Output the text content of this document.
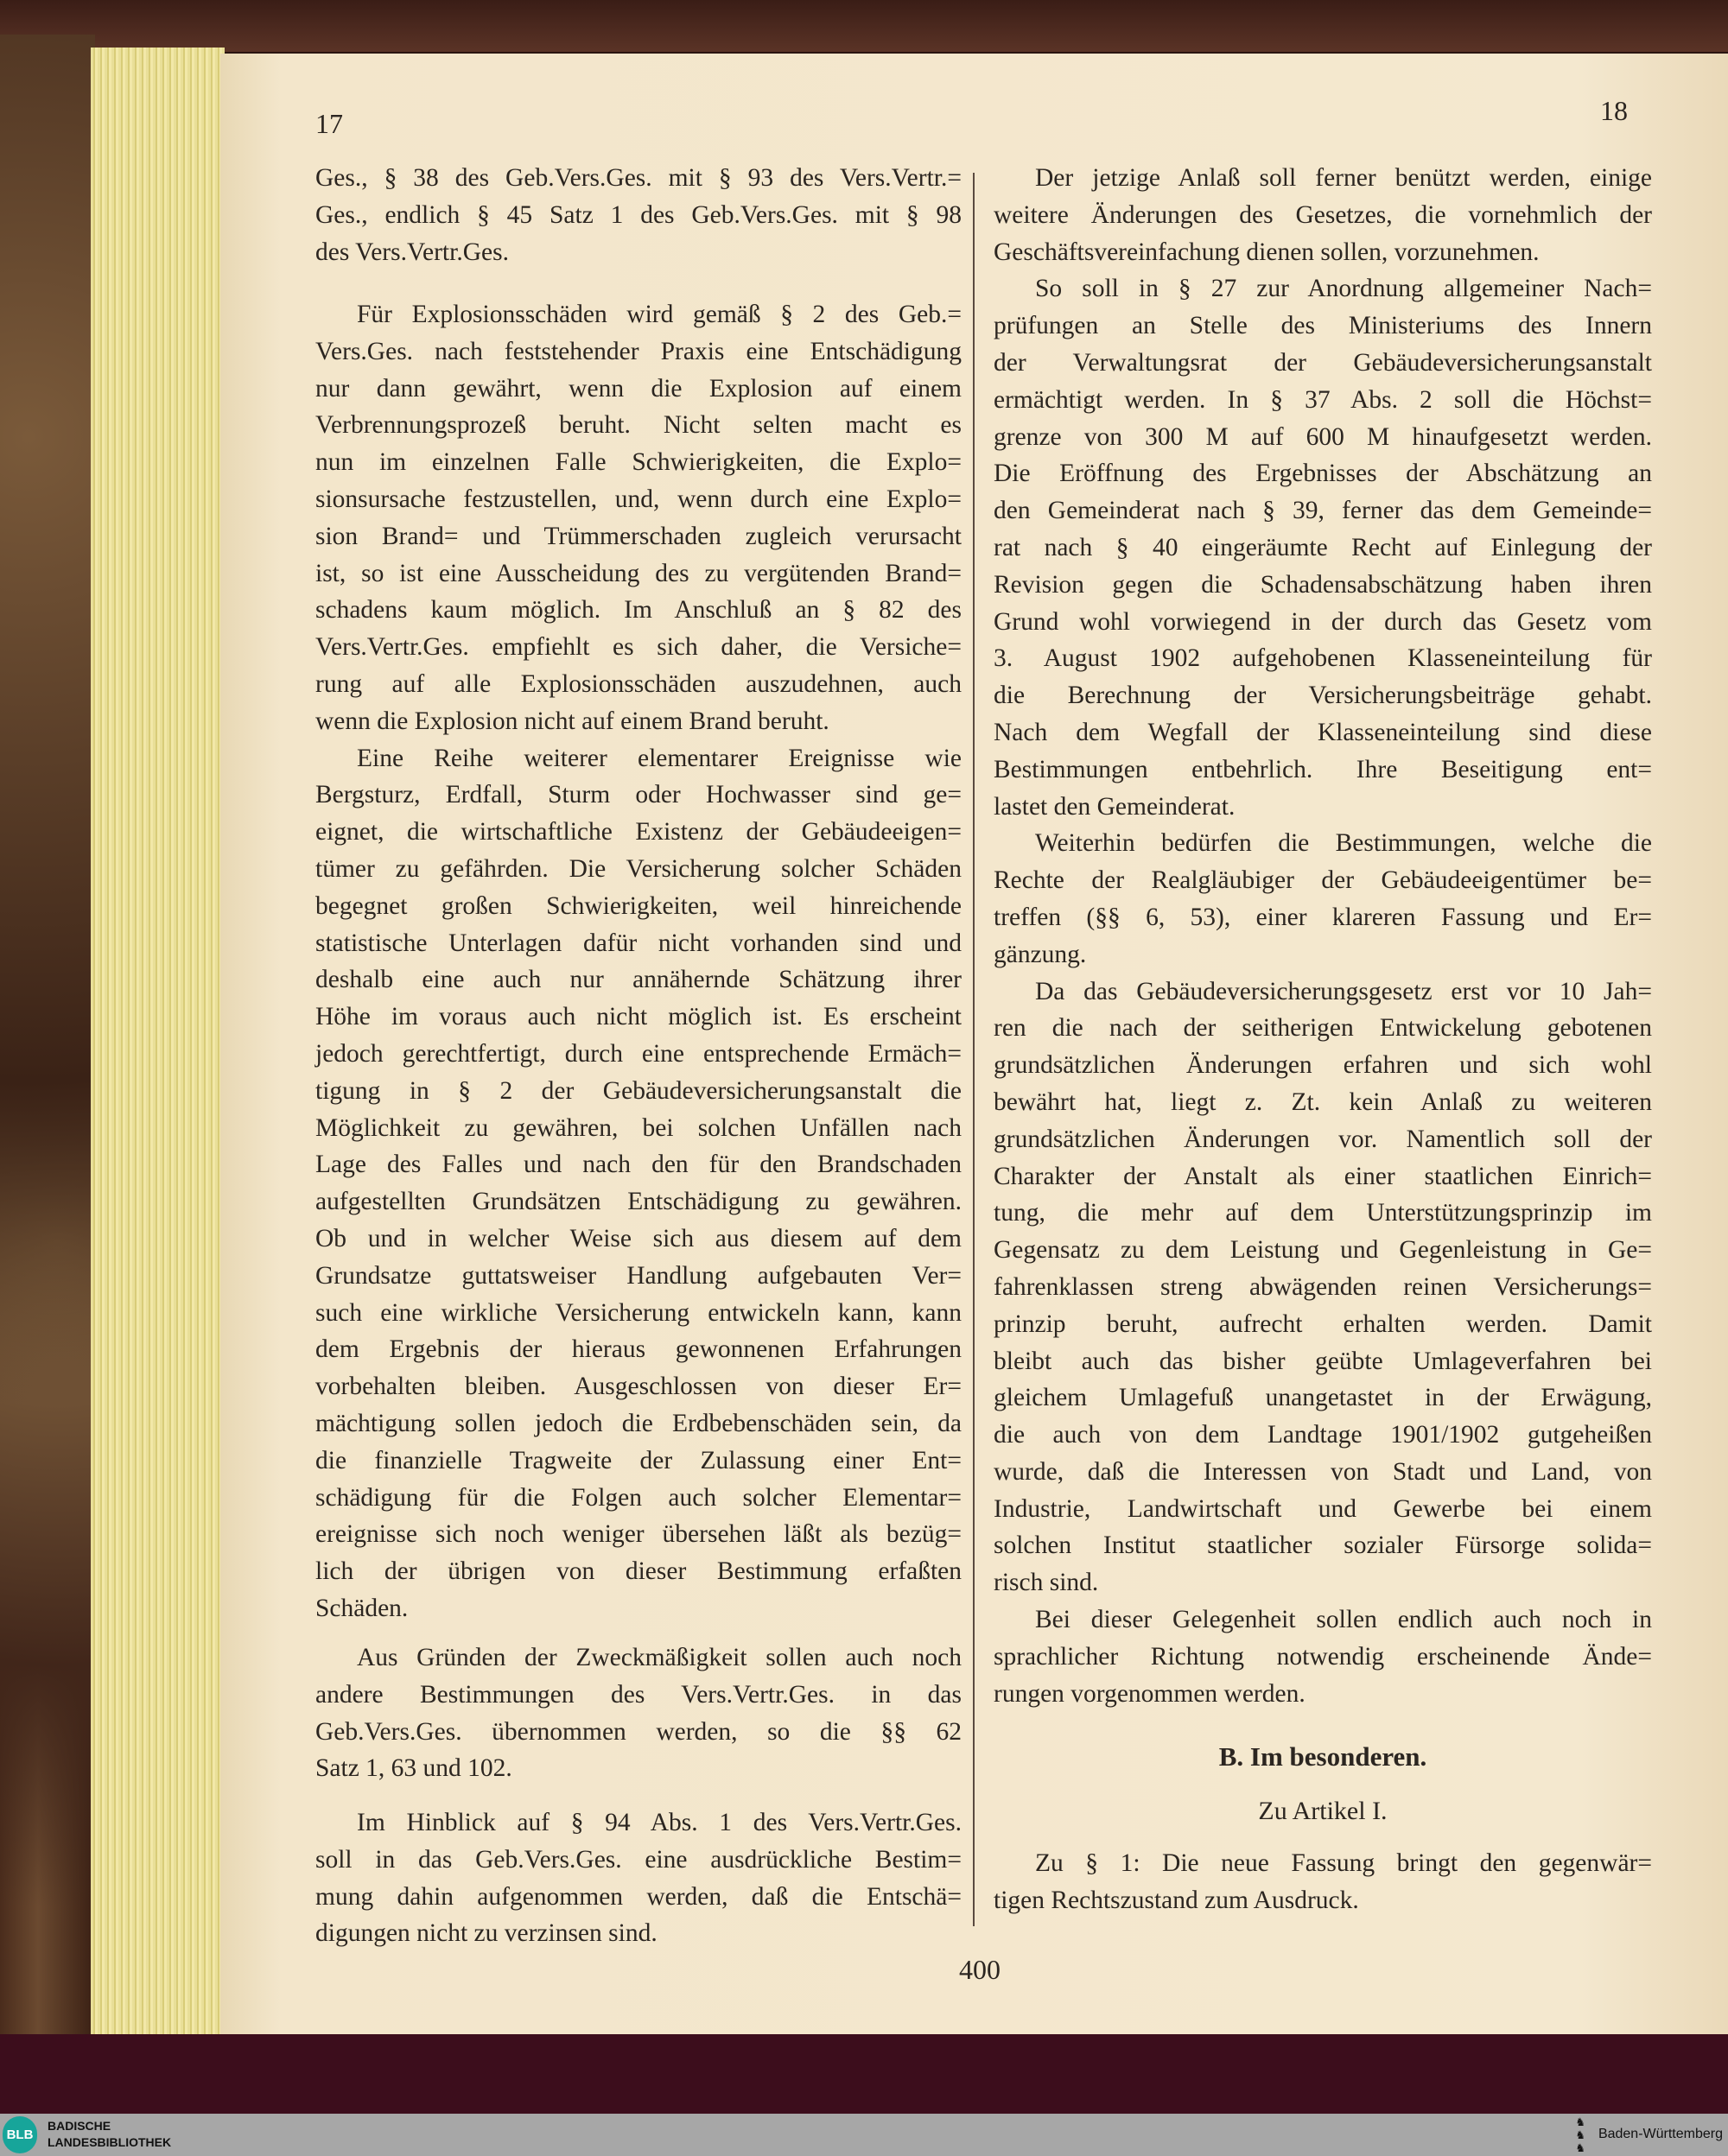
17	18
400
Ges., § 38 des Geb.Vers.Ges. mit § 93 des Vers.Vertr.=
Ges., endlich § 45 Satz 1 des Geb.Vers.Ges. mit § 98
des Vers.Vertr.Ges.
Für Explosionsschäden wird gemäß § 2 des Geb.=
Vers.Ges. nach feststehender Praxis eine Entschädigung
nur dann gewährt, wenn die Explosion auf einem
Verbrennungsprozeß beruht. Nicht selten macht es
nun im einzelnen Falle Schwierigkeiten, die Explo=
sionsursache festzustellen, und, wenn durch eine Explo=
sion Brand= und Trümmerschaden zugleich verursacht
ist, so ist eine Ausscheidung des zu vergütenden Brand=
schadens kaum möglich. Im Anschluß an § 82 des
Vers.Vertr.Ges. empfiehlt es sich daher, die Versiche=
rung auf alle Explosionsschäden auszudehnen, auch
wenn die Explosion nicht auf einem Brand beruht.
Eine Reihe weiterer elementarer Ereignisse wie
Bergsturz, Erdfall, Sturm oder Hochwasser sind ge=
eignet, die wirtschaftliche Existenz der Gebäudeeigen=
tümer zu gefährden. Die Versicherung solcher Schäden
begegnet großen Schwierigkeiten, weil hinreichende
statistische Unterlagen dafür nicht vorhanden sind und
deshalb eine auch nur annähernde Schätzung ihrer
Höhe im voraus auch nicht möglich ist. Es erscheint
jedoch gerechtfertigt, durch eine entsprechende Ermäch=
tigung in § 2 der Gebäudeversicherungsanstalt die
Möglichkeit zu gewähren, bei solchen Unfällen nach
Lage des Falles und nach den für den Brandschaden
aufgestellten Grundsätzen Entschädigung zu gewähren.
Ob und in welcher Weise sich aus diesem auf dem
Grundsatze guttatsweiser Handlung aufgebauten Ver=
such eine wirkliche Versicherung entwickeln kann, kann
dem Ergebnis der hieraus gewonnenen Erfahrungen
vorbehalten bleiben. Ausgeschlossen von dieser Er=
mächtigung sollen jedoch die Erdbebenschäden sein, da
die finanzielle Tragweite der Zulassung einer Ent=
schädigung für die Folgen auch solcher Elementar=
ereignisse sich noch weniger übersehen läßt als bezüg=
lich der übrigen von dieser Bestimmung erfaßten
Schäden.
Aus Gründen der Zweckmäßigkeit sollen auch noch
andere Bestimmungen des Vers.Vertr.Ges. in das
Geb.Vers.Ges. übernommen werden, so die §§ 62
Satz 1, 63 und 102.
Im Hinblick auf § 94 Abs. 1 des Vers.Vertr.Ges.
soll in das Geb.Vers.Ges. eine ausdrückliche Bestim=
mung dahin aufgenommen werden, daß die Entschä=
digungen nicht zu verzinsen sind.
Der jetzige Anlaß soll ferner benützt werden, einige
weitere Änderungen des Gesetzes, die vornehmlich der
Geschäftsvereinfachung dienen sollen, vorzunehmen.
So soll in § 27 zur Anordnung allgemeiner Nach=
prüfungen an Stelle des Ministeriums des Innern
der Verwaltungsrat der Gebäudeversicherungsanstalt
ermächtigt werden. In § 37 Abs. 2 soll die Höchst=
grenze von 300 M auf 600 M hinaufgesetzt werden.
Die Eröffnung des Ergebnisses der Abschätzung an
den Gemeinderat nach § 39, ferner das dem Gemeinde=
rat nach § 40 eingeräumte Recht auf Einlegung der
Revision gegen die Schadensabschätzung haben ihren
Grund wohl vorwiegend in der durch das Gesetz vom
3. August 1902 aufgehobenen Klasseneinteilung für
die Berechnung der Versicherungsbeiträge gehabt.
Nach dem Wegfall der Klasseneinteilung sind diese
Bestimmungen entbehrlich. Ihre Beseitigung ent=
lastet den Gemeinderat.
Weiterhin bedürfen die Bestimmungen, welche die
Rechte der Realgläubiger der Gebäudeeigentümer be=
treffen (§§ 6, 53), einer klareren Fassung und Er=
gänzung.
Da das Gebäudeversicherungsgesetz erst vor 10 Jah=
ren die nach der seitherigen Entwickelung gebotenen
grundsätzlichen Änderungen erfahren und sich wohl
bewährt hat, liegt z. Zt. kein Anlaß zu weiteren
grundsätzlichen Änderungen vor. Namentlich soll der
Charakter der Anstalt als einer staatlichen Einrich=
tung, die mehr auf dem Unterstützungsprinzip im
Gegensatz zu dem Leistung und Gegenleistung in Ge=
fahrenklassen streng abwägenden reinen Versicherungs=
prinzip beruht, aufrecht erhalten werden. Damit
bleibt auch das bisher geübte Umlageverfahren bei
gleichem Umlagefuß unangetastet in der Erwägung,
die auch von dem Landtage 1901/1902 gutgeheißen
wurde, daß die Interessen von Stadt und Land, von
Industrie, Landwirtschaft und Gewerbe bei einem
solchen Institut staatlicher sozialer Fürsorge solida=
risch sind.
Bei dieser Gelegenheit sollen endlich auch noch in
sprachlicher Richtung notwendig erscheinende Ände=
rungen vorgenommen werden.
B. Im besonderen.
Zu Artikel I.
Zu § 1: Die neue Fassung bringt den gegenwär=
tigen Rechtszustand zum Ausdruck.
BLB
BADISCHE
LANDESBIBLIOTHEK
♞
♞
♞
Baden-Württemberg
